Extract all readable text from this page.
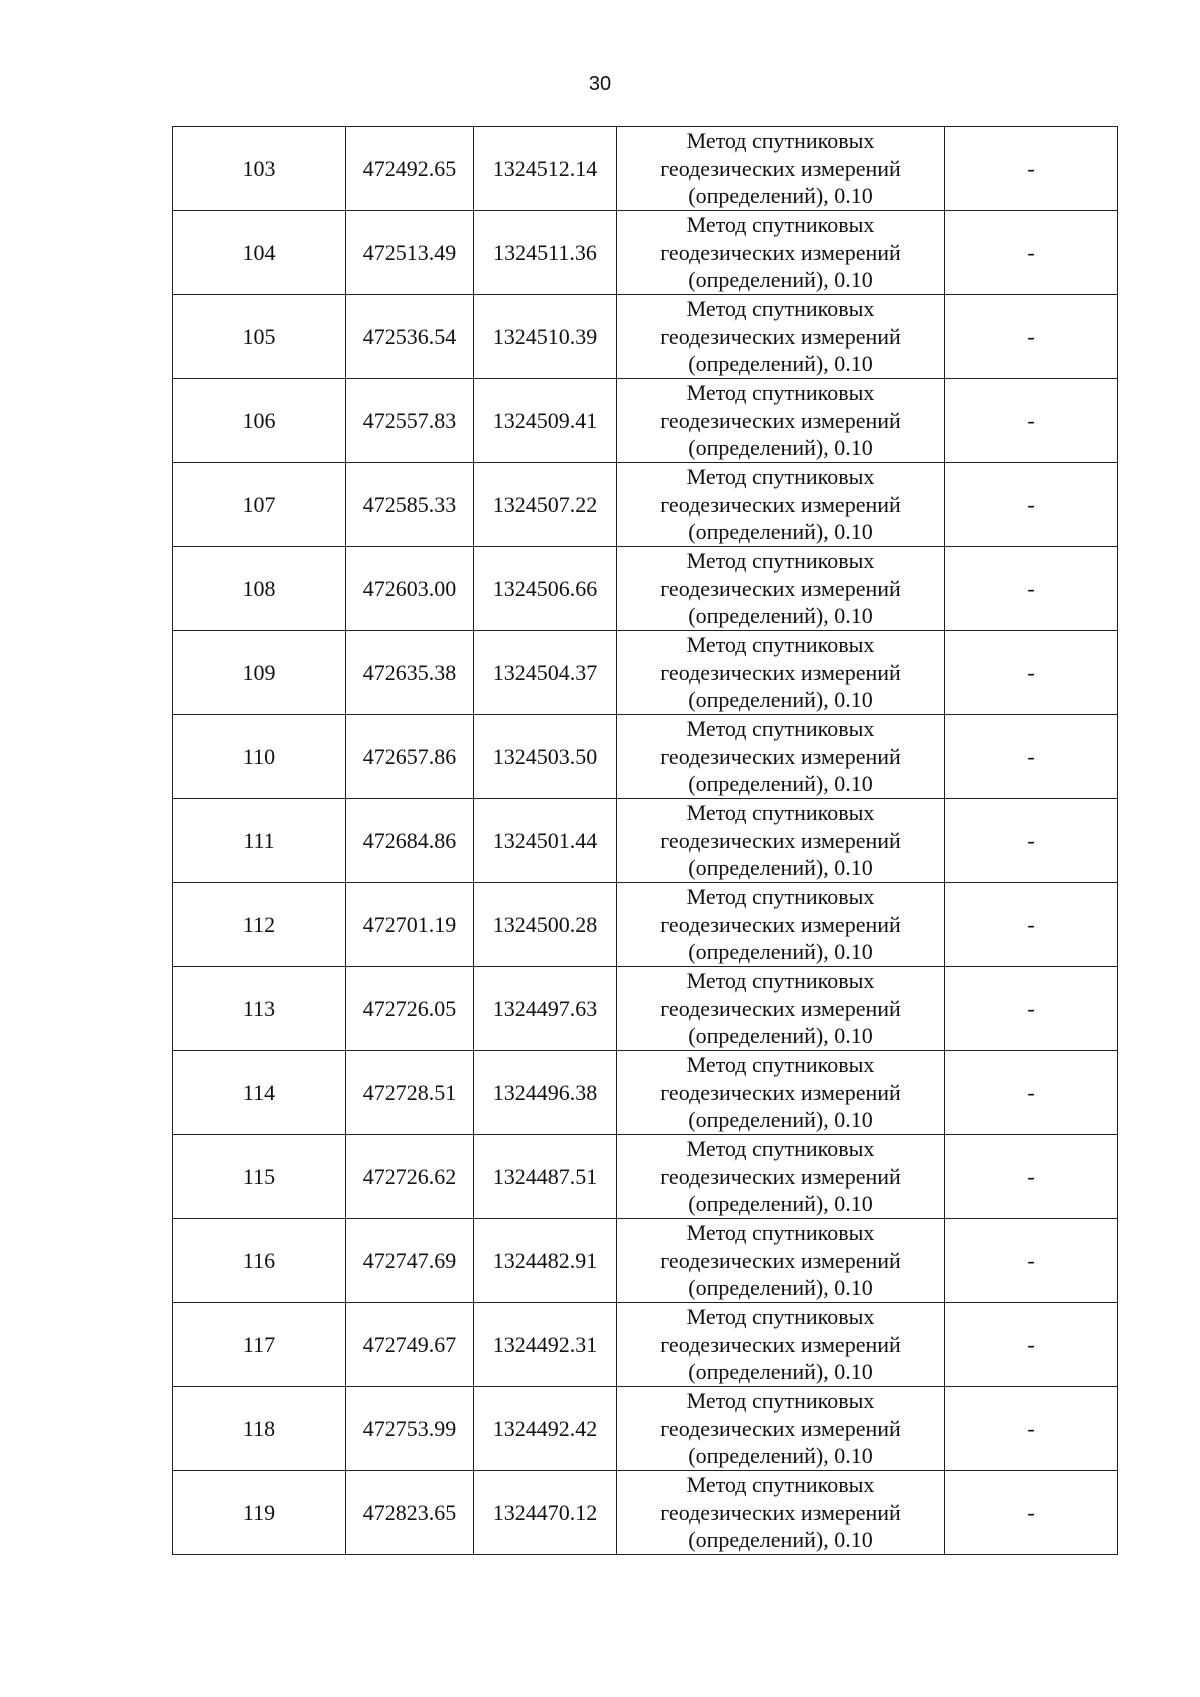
30
103	472492.65	1324512.14	Метод спутниковых
геодезических измерений
(определений), 0.10	-
104	472513.49	1324511.36	Метод спутниковых
геодезических измерений
(определений), 0.10	-
105	472536.54	1324510.39	Метод спутниковых
геодезических измерений
(определений), 0.10	-
106	472557.83	1324509.41	Метод спутниковых
геодезических измерений
(определений), 0.10	-
107	472585.33	1324507.22	Метод спутниковых
геодезических измерений
(определений), 0.10	-
108	472603.00	1324506.66	Метод спутниковых
геодезических измерений
(определений), 0.10	-
109	472635.38	1324504.37	Метод спутниковых
геодезических измерений
(определений), 0.10	-
110	472657.86	1324503.50	Метод спутниковых
геодезических измерений
(определений), 0.10	-
111	472684.86	1324501.44	Метод спутниковых
геодезических измерений
(определений), 0.10	-
112	472701.19	1324500.28	Метод спутниковых
геодезических измерений
(определений), 0.10	-
113	472726.05	1324497.63	Метод спутниковых
геодезических измерений
(определений), 0.10	-
114	472728.51	1324496.38	Метод спутниковых
геодезических измерений
(определений), 0.10	-
115	472726.62	1324487.51	Метод спутниковых
геодезических измерений
(определений), 0.10	-
116	472747.69	1324482.91	Метод спутниковых
геодезических измерений
(определений), 0.10	-
117	472749.67	1324492.31	Метод спутниковых
геодезических измерений
(определений), 0.10	-
118	472753.99	1324492.42	Метод спутниковых
геодезических измерений
(определений), 0.10	-
119	472823.65	1324470.12	Метод спутниковых
геодезических измерений
(определений), 0.10	-
